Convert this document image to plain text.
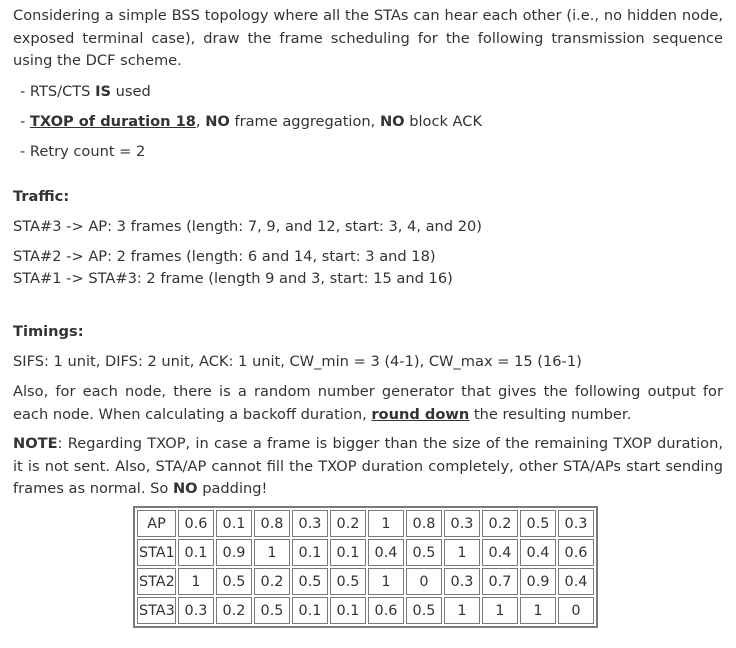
Considering a simple BSS topology where all the STAs can hear each other (i.e., no hidden node, exposed terminal case), draw the frame scheduling for the following transmission sequence using the DCF scheme.
- RTS/CTS IS used
- TXOP of duration 18, NO frame aggregation, NO block ACK
- Retry count = 2
Traffic:
STA#3 -> AP: 3 frames (length: 7, 9, and 12, start: 3, 4, and 20)
STA#2 -> AP: 2 frames (length: 6 and 14, start: 3 and 18)
STA#1 -> STA#3: 2 frame (length 9 and 3, start: 15 and 16)
Timings:
SIFS: 1 unit, DIFS: 2 unit, ACK: 1 unit, CW_min = 3 (4-1), CW_max = 15 (16-1)
Also, for each node, there is a random number generator that gives the following output for each node. When calculating a backoff duration, round down the resulting number.
NOTE: Regarding TXOP, in case a frame is bigger than the size of the remaining TXOP duration, it is not sent. Also, STA/AP cannot fill the TXOP duration completely, other STA/APs start sending frames as normal. So NO padding!
AP	0.6	0.1	0.8	0.3	0.2	1	0.8	0.3	0.2	0.5	0.3
STA1	0.1	0.9	1	0.1	0.1	0.4	0.5	1	0.4	0.4	0.6
STA2	1	0.5	0.2	0.5	0.5	1	0	0.3	0.7	0.9	0.4
STA3	0.3	0.2	0.5	0.1	0.1	0.6	0.5	1	1	1	0
